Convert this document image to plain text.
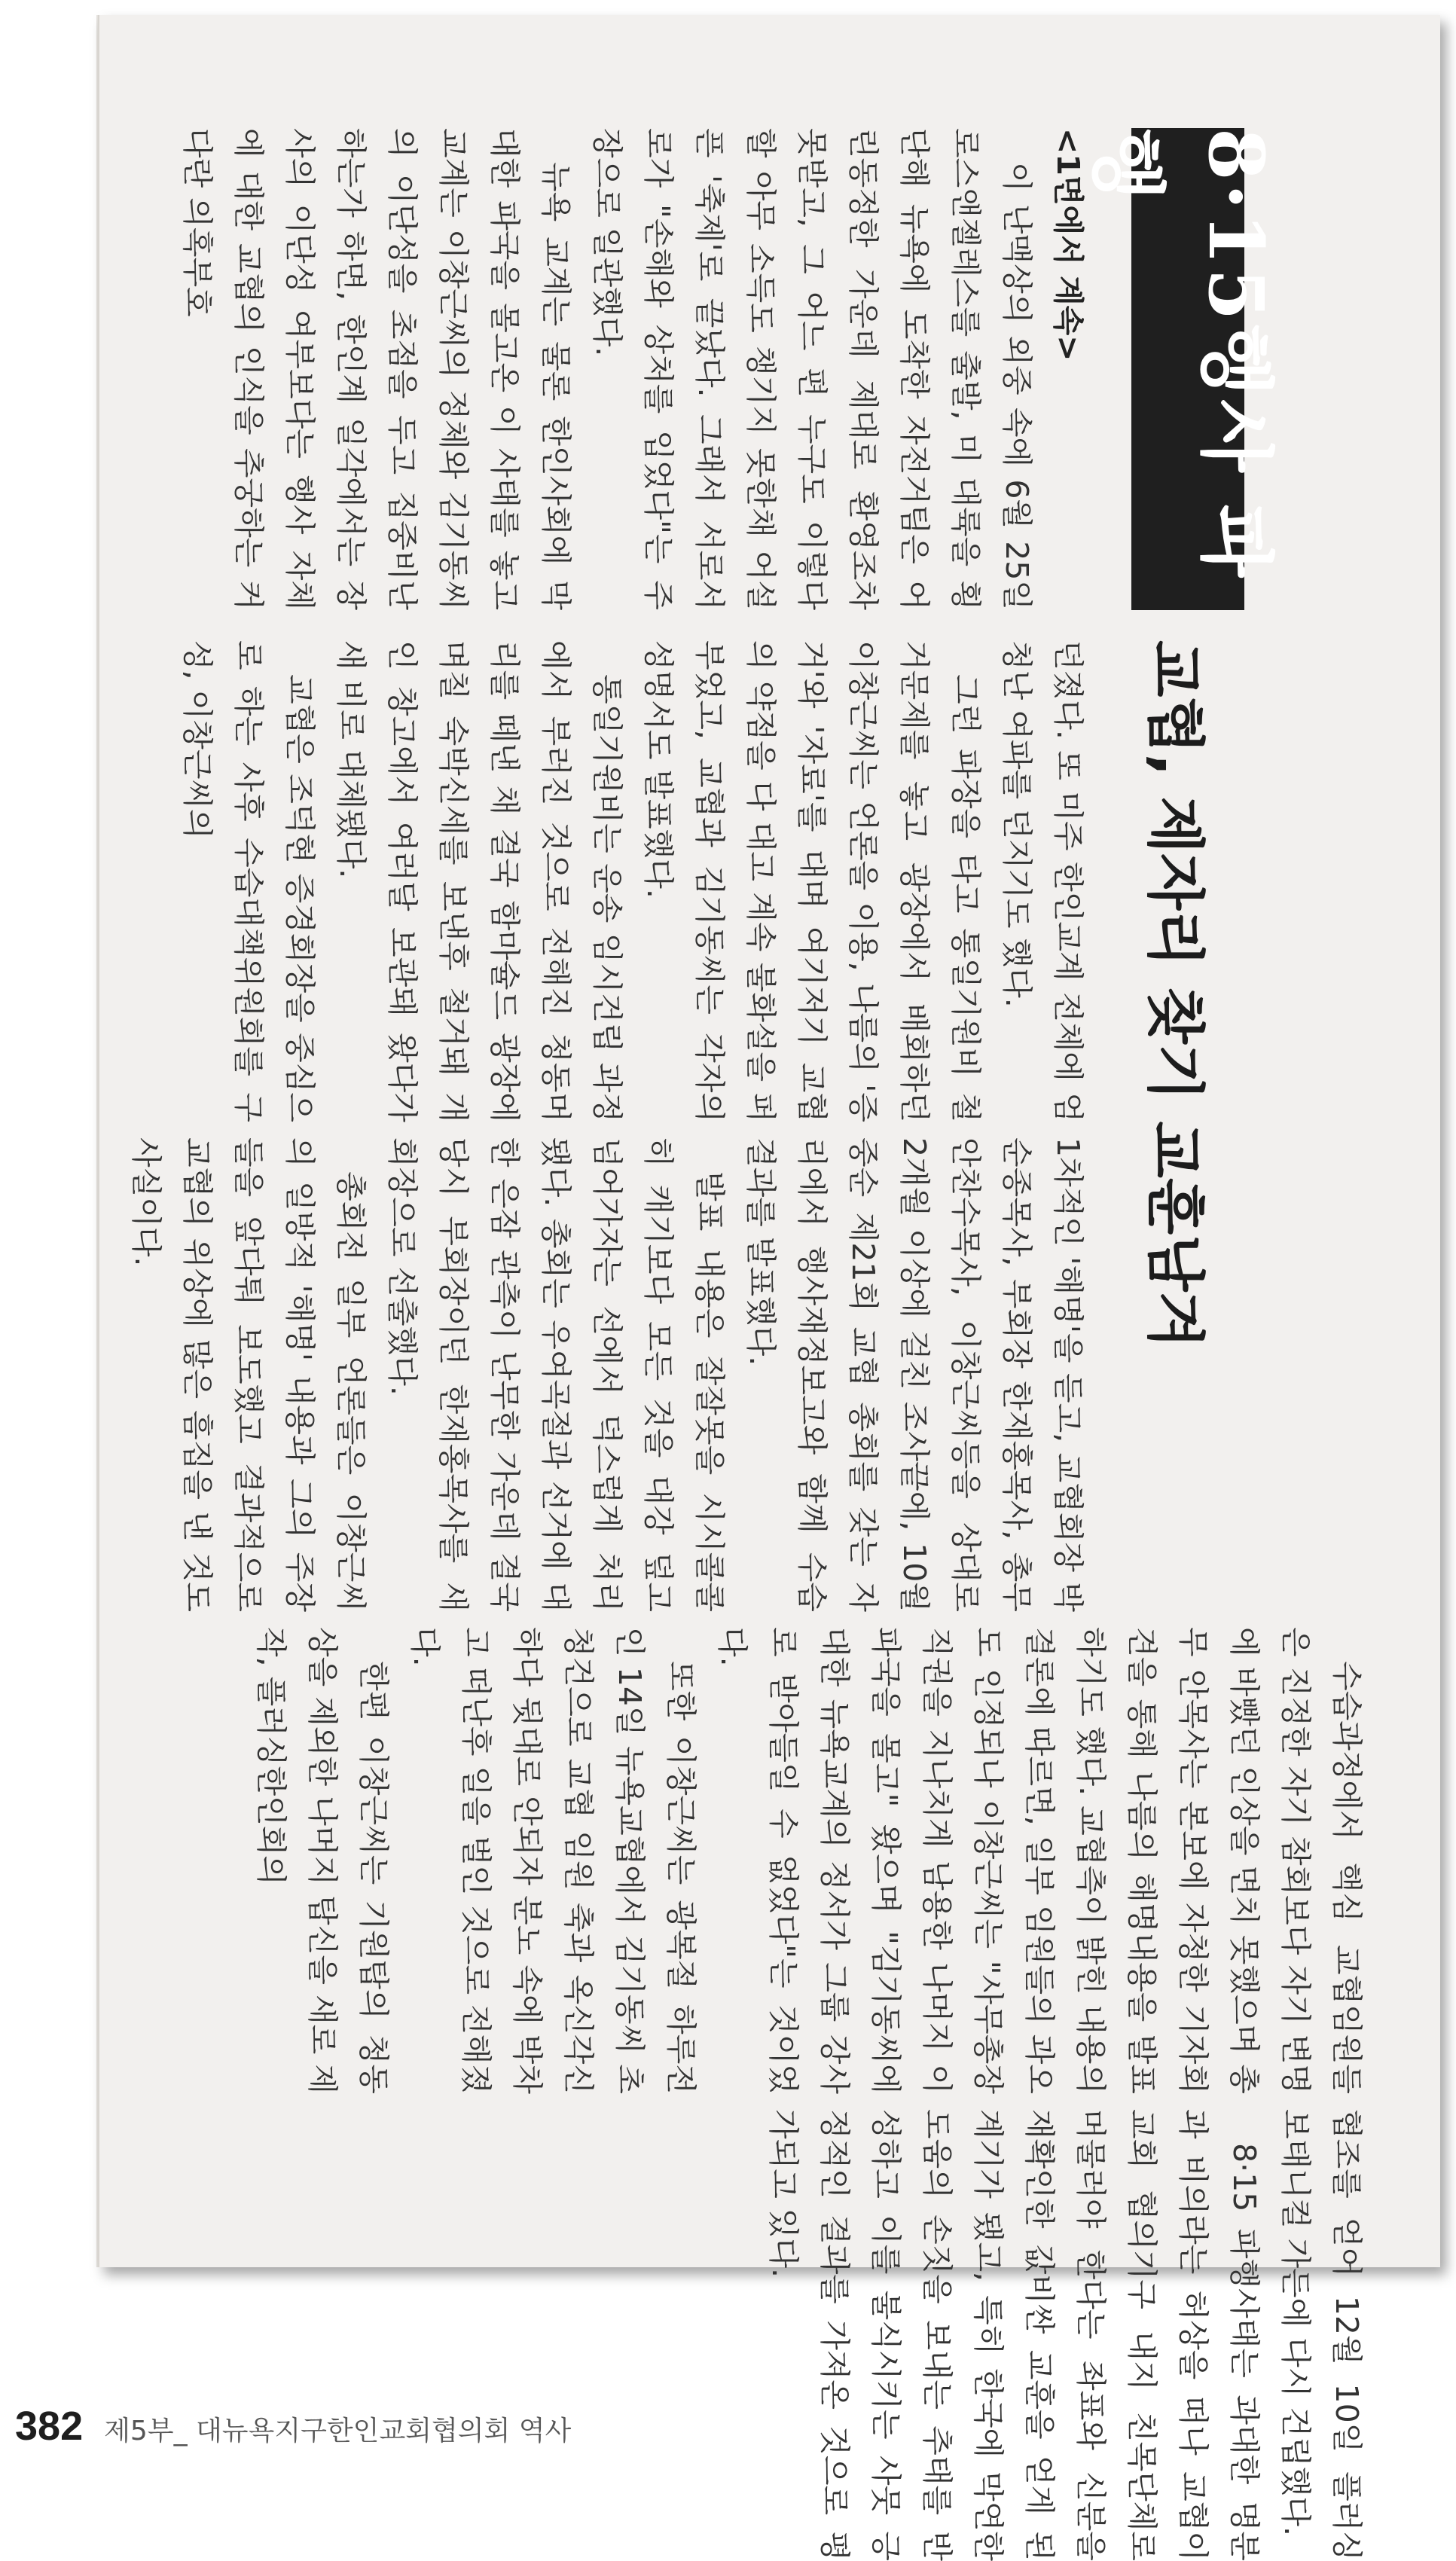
8·15행사 파행
교협, 제자리 찾기 교훈남겨

<1면에서 계속>

이 난맥상의 외중 속에 6월 25일 로스앤젤레스를 출발, 미 대륙을 횡단해 뉴욕에 도착한 자전거팀은 어린동정한 가운데 제대로 환영조차 못받고, 그 어느 편 누구도 이렇다 할 아무 소득도 챙기지 못한채 어설픈 '축제'로 끝났다. 그래서 서로서로가 "손해와 상처를 입었다"는 주장으로 일관했다.

뉴욕 교계는 물론 한인사회에 막대한 파국을 몰고온 이 사태를 놓고 교계는 이창근씨의 정체와 김기동씨의 이단성을 초점을 두고 집중비난하는가 하면, 한인계 일각에서는 장사의 이단성 여부보다는 행사 자체에 대한 교협의 인식을 추궁하는 커다란 의혹부호

던졌다. 또 미주 한인교계 전체에 엄청난 여파를 던지기도 했다.

그런 파장을 타고 통일기원비 철거문제를 놓고 광장에서 배회하던 이창근씨는 언론을 이용, 나름의 '증거'와 '자료'를 대며 여기저기 교협의 약점을 다 대고 계속 불화설을 퍼부었고, 교협과 김기동씨는 각자의 성명서도 발표했다.

통일기원비는 운송 임시건립 과정에서 부러진 것으로 전해진 청동머리를 떼낸 채 결국 함마슐드 광장에 며칠 숙박신세를 보낸후 철거돼 개인 창고에서 여러달 보관돼 왔다가 새 비로 대체됐다.

교협은 조덕현 증경회장을 중심으로 하는 사후 수습대책위원회를 구성, 이창근씨의

1차적인 '해명'을 듣고, 교협회장 박순종목사, 부회장 한재홍목사, 총무 안찬수목사, 이창근씨등을 상대로 2개월 이상에 걸친 조사끝에, 10월중순 제21회 교협 총회를 갖는 자리에서 행사재정보고와 함께 수습결과를 발표했다.

발표 내용은 잘잘못을 시시콜콜히 캐기보다 모든 것을 대강 덮고 넘어가자는 선에서 덕스럽게 처리됐다. 총회는 우여곡절과 선거에 대한 은잠 관측이 난무한 가운데 결국 당시 부회장이던 한재홍목사를 새 회장으로 선출했다.

총회전 일부 언론들은 이창근씨의 일방적 '해명' 내용과 그의 주장들을 앞다퉈 보도했고 결과적으로 교협의 위상에 많은 흠집을 낸 것도 사실이다.

수습과정에서 핵심 교협임원들은 진정한 자기 참회보다 자기 변명에 바빴던 인상을 면치 못했으며 총무 안목사는 본보에 자청한 기자회견을 통해 나름의 해명내용을 발표하기도 했다. 교협측이 밝힌 내용의 결론에 따르면, 일부 임원들의 과오도 인정되나 이창근씨는 "사무총장 직권을 지나치게 남용한 나머지 이 파국을 몰고" 왔으며 "김기동씨에 대한 뉴욕교계의 정서가 그룹 강사로 받아들일 수 없었다"는 것이었다.

또한 이창근씨는 광복절 하루전인 14일 뉴욕교협에서 김기동씨 초청건으로 교협 임원 축과 옥신각신하다 뒷대로 안되자 분노 속에 박차고 떠난후 일을 벌인 것으로 전해졌다.

한편 이창근씨는 기원탑의 청동상을 제외한 나머지 탑신을 새로 제작, 플러싱한인회의

협조를 얻어 12월 10일 플러싱 보태니컬 가든에 다시 건립했다.

8·15 파행사태는 과대한 명분과 비의라는 허상을 떠나 교협이 교회 협의기구 내지 친목단체로 머물러야 한다는 좌표와 신분을 재확인한 값비싼 교훈을 얻게 된 계기가 됐고, 특히 한국에 막연한 도움의 손짓을 보내는 추태를 반성하고 이를 불식시키는 사뭇 긍정적인 결과를 가져온 것으로 평가되고 있다.

382 제5부_ 대뉴욕지구한인교회협의회 역사
